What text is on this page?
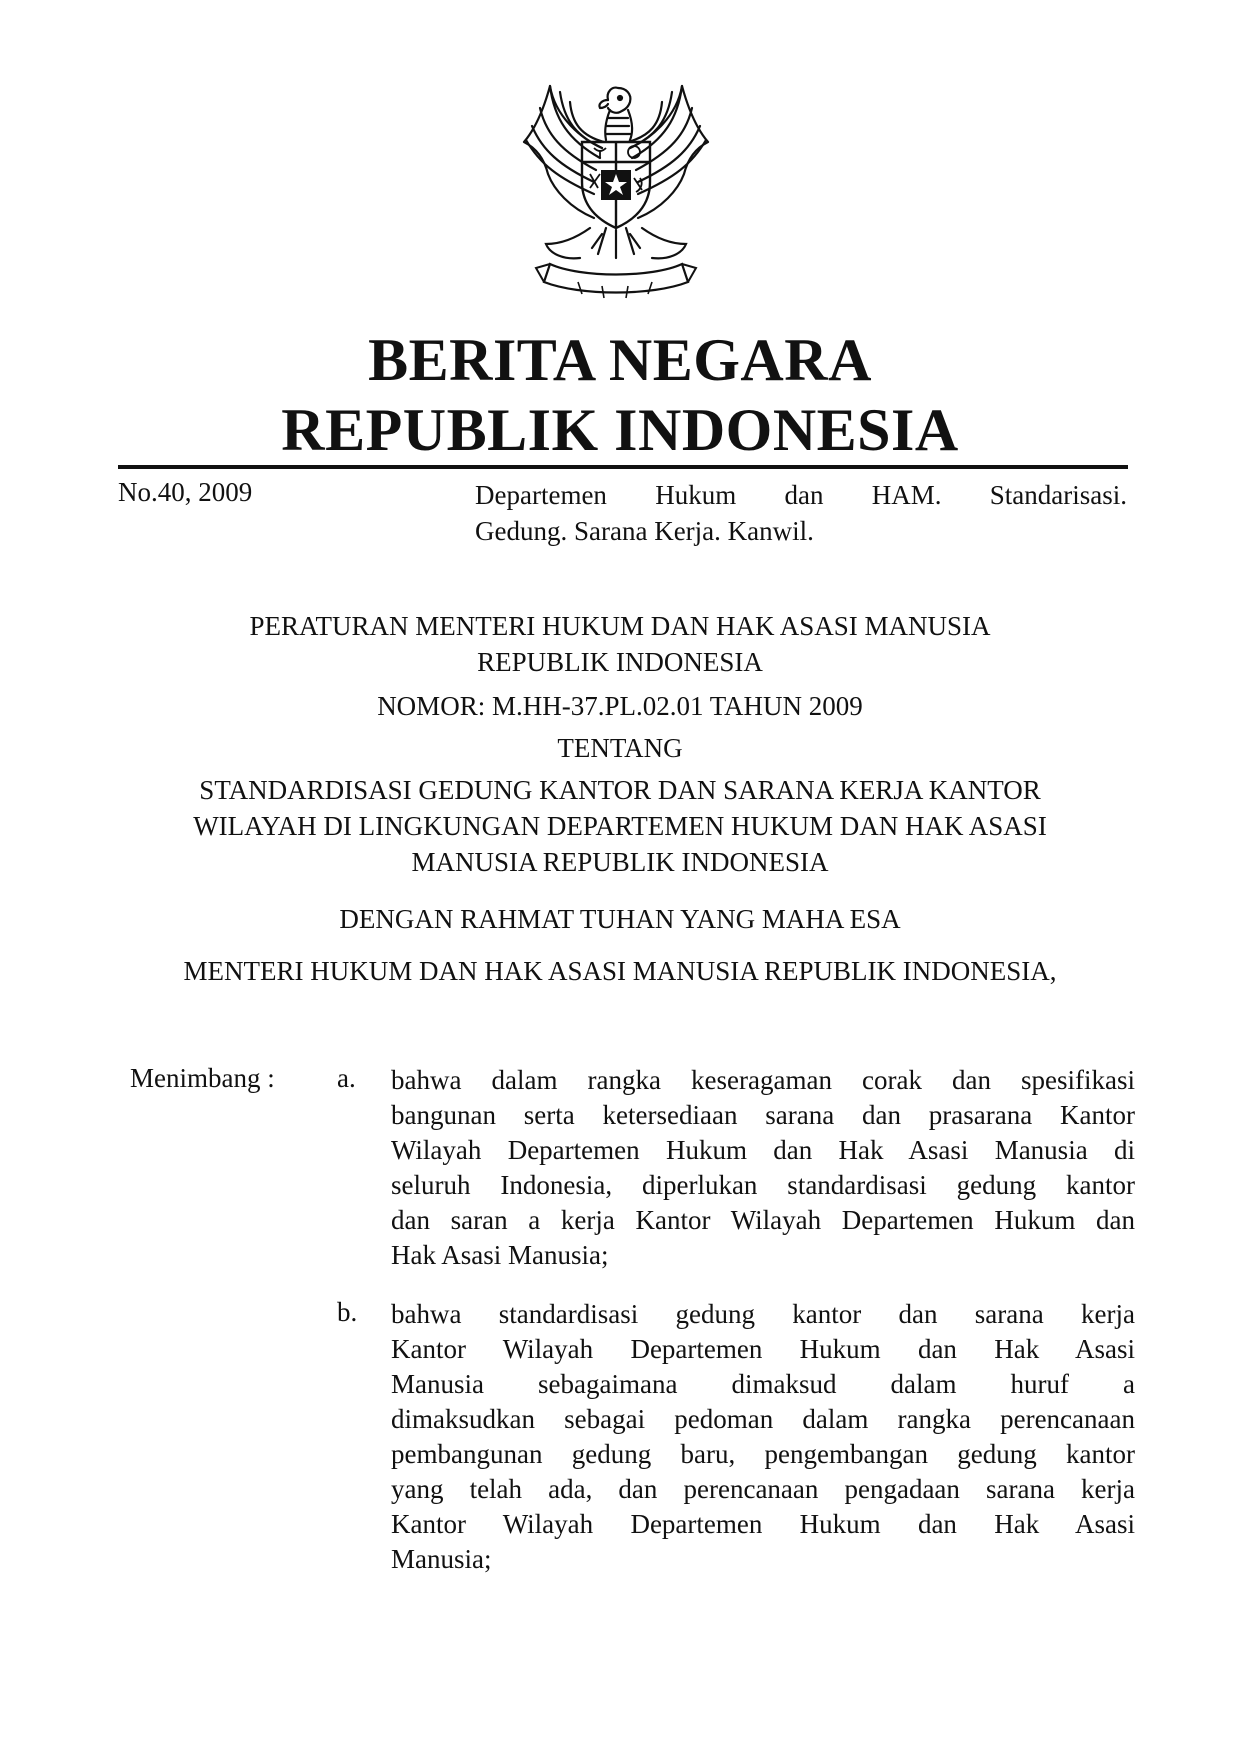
BERITA NEGARA
REPUBLIK INDONESIA
No.40, 2009	Departemen Hukum dan HAM. Standarisasi.
Gedung. Sarana Kerja. Kanwil.
PERATURAN MENTERI HUKUM DAN HAK ASASI MANUSIA
REPUBLIK INDONESIA
NOMOR: M.HH-37.PL.02.01 TAHUN 2009
TENTANG
STANDARDISASI GEDUNG KANTOR DAN SARANA KERJA KANTOR
WILAYAH DI LINGKUNGAN DEPARTEMEN HUKUM DAN HAK ASASI
MANUSIA REPUBLIK INDONESIA
DENGAN RAHMAT TUHAN YANG MAHA ESA
MENTERI HUKUM DAN HAK ASASI MANUSIA REPUBLIK INDONESIA,
Menimbang : a. bahwa dalam rangka keseragaman corak dan spesifikasi
bangunan serta ketersediaan sarana dan prasarana Kantor
Wilayah Departemen Hukum dan Hak Asasi Manusia di
seluruh Indonesia, diperlukan standardisasi gedung kantor
dan saran a kerja Kantor Wilayah Departemen Hukum dan
Hak Asasi Manusia;
b. bahwa standardisasi gedung kantor dan sarana kerja
Kantor Wilayah Departemen Hukum dan Hak Asasi
Manusia sebagaimana dimaksud dalam huruf a
dimaksudkan sebagai pedoman dalam rangka perencanaan
pembangunan gedung baru, pengembangan gedung kantor
yang telah ada, dan perencanaan pengadaan sarana kerja
Kantor Wilayah Departemen Hukum dan Hak Asasi
Manusia;
